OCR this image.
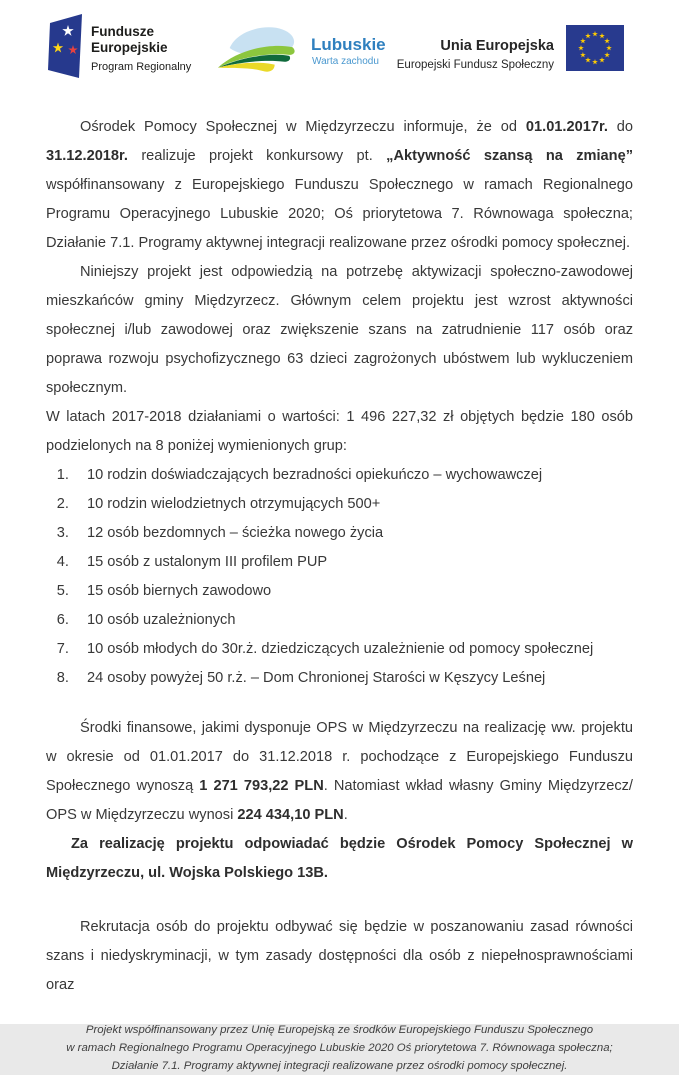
Fundusze
Europejskie
Program Regionalny
Lubuskie
Warta zachodu
Unia Europejska
Europejski Fundusz Społeczny

Ośrodek Pomocy Społecznej w Międzyrzeczu informuje, że od 01.01.2017r. do 31.12.2018r. realizuje projekt konkursowy pt. „Aktywność szansą na zmianę” współfinansowany z Europejskiego Funduszu Społecznego w ramach Regionalnego Programu Operacyjnego Lubuskie 2020; Oś priorytetowa 7. Równowaga społeczna; Działanie 7.1. Programy aktywnej integracji realizowane przez ośrodki pomocy społecznej.

Niniejszy projekt jest odpowiedzią na potrzebę aktywizacji społeczno-zawodowej mieszkańców gminy Międzyrzecz. Głównym celem projektu jest wzrost aktywności społecznej i/lub zawodowej oraz zwiększenie szans na zatrudnienie 117 osób oraz poprawa rozwoju psychofizycznego 63 dzieci zagrożonych ubóstwem lub wykluczeniem społecznym.

W latach 2017-2018 działaniami o wartości: 1 496 227,32 zł objętych będzie 180 osób podzielonych na 8 poniżej wymienionych grup:

1. 10 rodzin doświadczających bezradności opiekuńczo – wychowawczej
2. 10 rodzin wielodzietnych otrzymujących 500+
3. 12 osób bezdomnych – ścieżka nowego życia
4. 15 osób z ustalonym III profilem PUP
5. 15 osób biernych zawodowo
6. 10 osób uzależnionych
7. 10 osób młodych do 30r.ż. dziedziczących uzależnienie od pomocy społecznej
8. 24 osoby powyżej 50 r.ż. – Dom Chronionej Starości w Kęszycy Leśnej

Środki finansowe, jakimi dysponuje OPS w Międzyrzeczu na realizację ww. projektu w okresie od 01.01.2017 do 31.12.2018 r. pochodzące z Europejskiego Funduszu Społecznego wynoszą 1 271 793,22 PLN. Natomiast wkład własny Gminy Międzyrzecz/ OPS w Międzyrzeczu wynosi 224 434,10 PLN.

Za realizację projektu odpowiadać będzie Ośrodek Pomocy Społecznej w Międzyrzeczu, ul. Wojska Polskiego 13B.

Rekrutacja osób do projektu odbywać się będzie w poszanowaniu zasad równości szans i niedyskryminacji, w tym zasady dostępności dla osób z niepełnosprawnościami oraz

Projekt współfinansowany przez Unię Europejską ze środków Europejskiego Funduszu Społecznego
w ramach Regionalnego Programu Operacyjnego Lubuskie 2020 Oś priorytetowa 7. Równowaga społeczna;
Działanie 7.1. Programy aktywnej integracji realizowane przez ośrodki pomocy społecznej.
